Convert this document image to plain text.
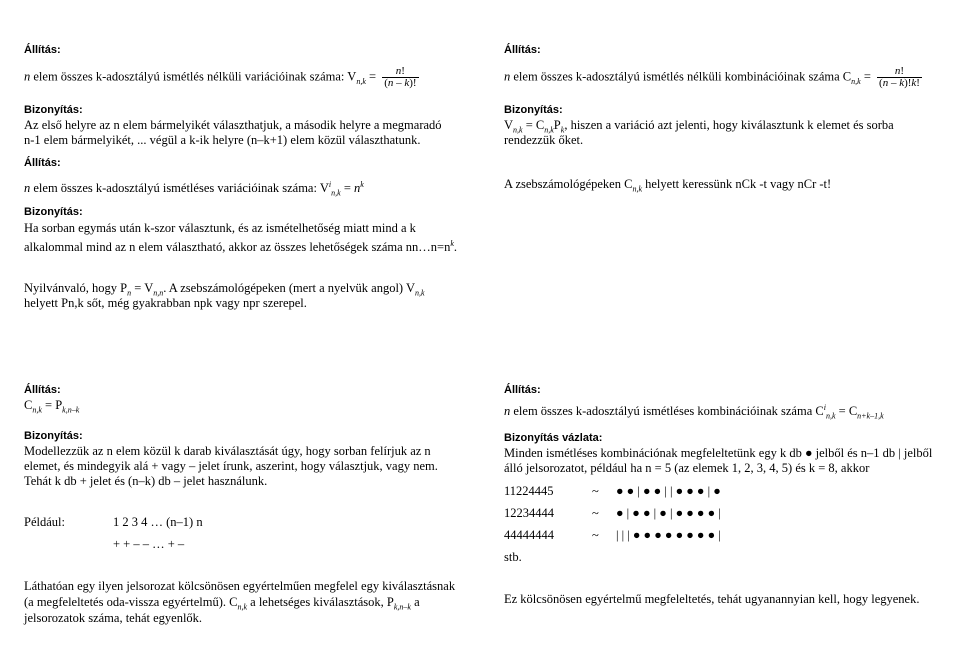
Állítás:
n elem összes k-adosztályú ismétlés nélküli variációinak száma: $V_{n,k} = \frac{n!}{(n - k)!}$
Bizonyítás:
Az első helyre az n elem bármelyikét választhatjuk, a második helyre a megmaradó
n-1 elem bármelyikét, ... végül a k-ik helyre (n–k+1) elem közül választhatunk.
Állítás:
n elem összes k-adosztályú ismétléses variációinak száma: $V^i_{n,k} = n^k$
Bizonyítás:
Ha sorban egymás után k-szor választunk, és az ismételhetőség miatt mind a k
alkalommal mind az n elem választható, akkor az összes lehetőségek száma $nn\dots n=n^k$.
Nyilvánvaló, hogy $P_n = V_{n,n}$. A zsebszámológépeken (mert a nyelvük angol) $V_{n,k}$
helyett Pn,k sőt, még gyakrabban npk vagy npr szerepel.
Állítás:
n elem összes k-adosztályú ismétlés nélküli kombinációinak száma $C_{n,k} = \frac{n!}{(n - k)!k!}$
Bizonyítás:
$V_{n,k} = C_{n,k}P_k$, hiszen a variáció azt jelenti, hogy kiválasztunk k elemet és sorba
rendezzük őket.
A zsebszámológépeken $C_{n,k}$ helyett keressünk nCk -t vagy nCr -t!
Állítás:
$C_{n,k} = P_{k,n-k}$
Bizonyítás:
Modellezzük az n elem közül k darab kiválasztását úgy, hogy sorban felírjuk az n
elemet, és mindegyik alá + vagy – jelet írunk, aszerint, hogy választjuk, vagy nem.
Tehát k db + jelet és (n–k) db – jelet használunk.
Például:	1 2 3 4 … (n–1) n
+ + – – … + –
Láthatóan egy ilyen jelsorozat kölcsönösen egyértelműen megfelel egy kiválasztásnak
(a megfeleltetés oda-vissza egyértelmű). $C_{n,k}$ a lehetséges kiválasztások, $P_{k,n-k}$ a
jelsorozatok száma, tehát egyenlők.
Állítás:
n elem összes k-adosztályú ismétléses kombinációinak száma $C^i_{n,k} = C_{n+k-1,k}$
Bizonyítás vázlata:
Minden ismétléses kombinációnak megfeleltetünk egy k db ● jelből és n–1 db | jelből
álló jelsorozatot, például ha n = 5 (az elemek 1, 2, 3, 4, 5) és k = 8, akkor
11224445	~ ● ● | ● ● | | ● ● ● | ●
12234444	~ ● | ● ● | ● | ● ● ● ● |
44444444	~ | | | ● ● ● ● ● ● ● ● |
stb.
Ez kölcsönösen egyértelmű megfeleltetés, tehát ugyanannyian kell, hogy legyenek.
